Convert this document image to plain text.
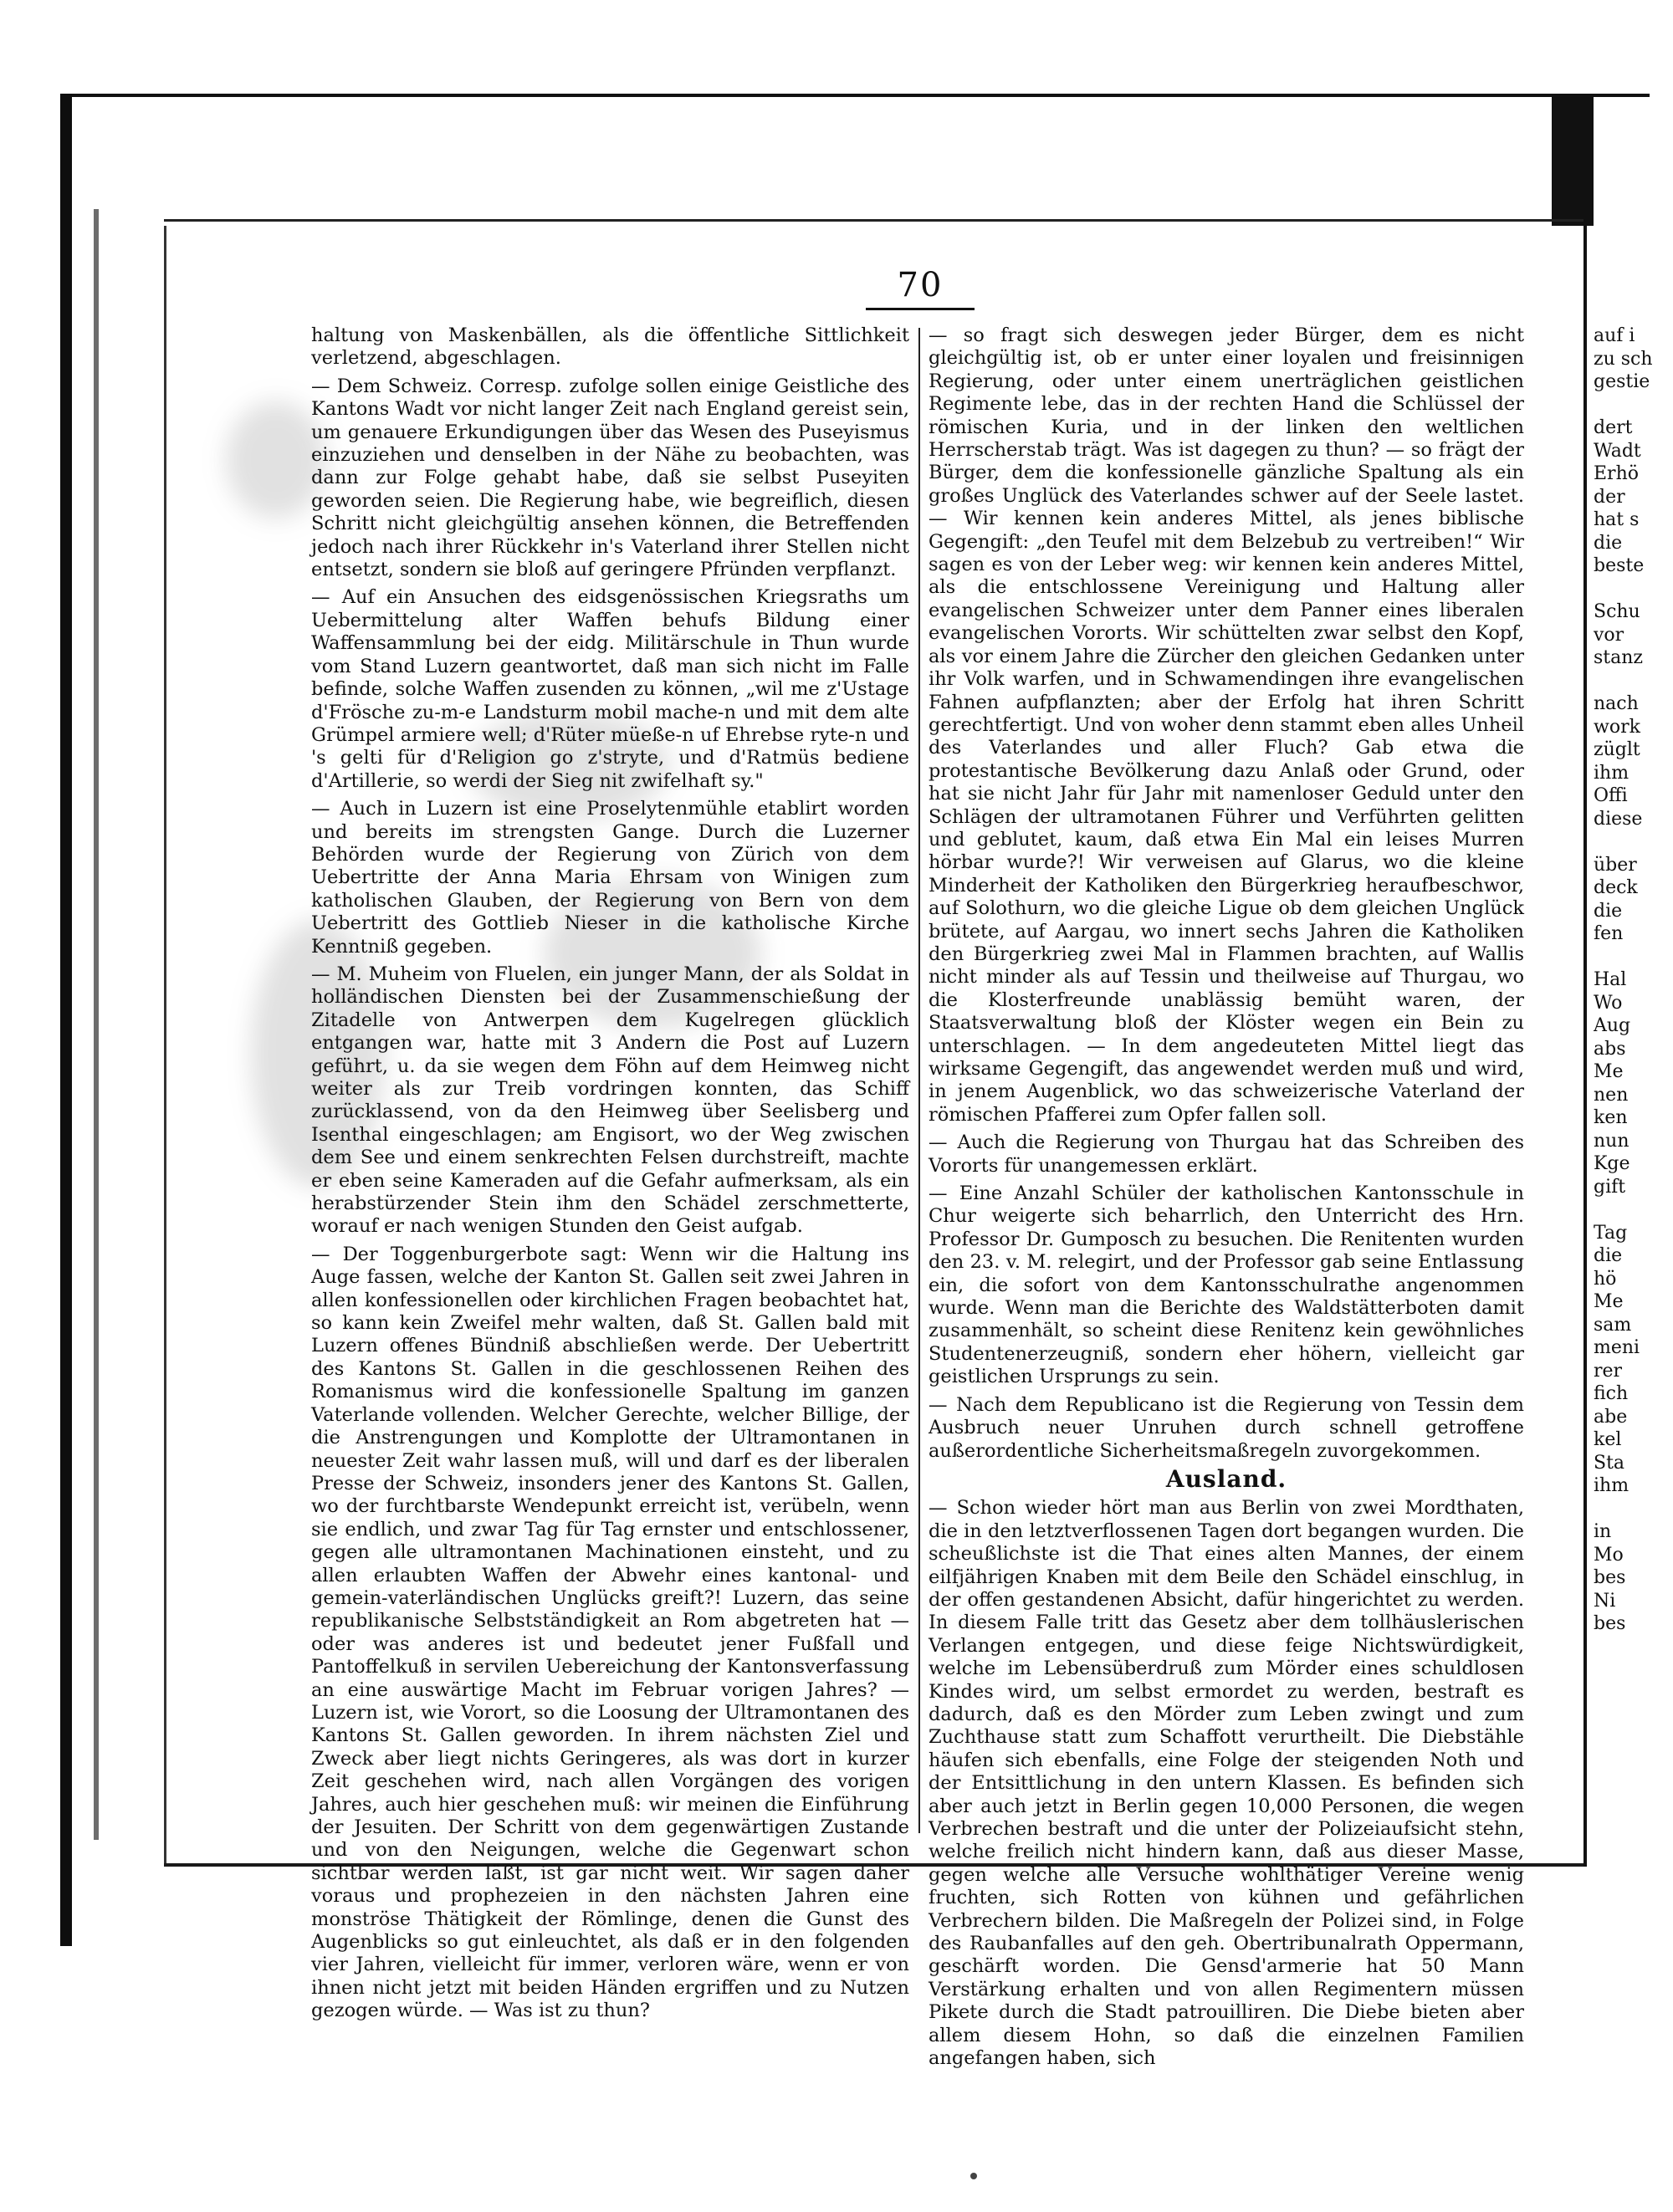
70

haltung von Maskenbällen, als die öffentliche Sittlichkeit verletzend, abgeschlagen.

— Dem Schweiz. Corresp. zufolge sollen einige Geistliche des Kantons Wadt vor nicht langer Zeit nach England gereist sein, um genauere Erkundigungen über das Wesen des Puseyismus einzuziehen und denselben in der Nähe zu beobachten, was dann zur Folge gehabt habe, daß sie selbst Puseyiten geworden seien. Die Regierung habe, wie begreiflich, diesen Schritt nicht gleichgültig ansehen können, die Betreffenden jedoch nach ihrer Rückkehr in's Vaterland ihrer Stellen nicht entsetzt, sondern sie bloß auf geringere Pfründen verpflanzt.

— Auf ein Ansuchen des eidsgenössischen Kriegsraths um Uebermittelung alter Waffen behufs Bildung einer Waffensammlung bei der eidg. Militärschule in Thun wurde vom Stand Luzern geantwortet, daß man sich nicht im Falle befinde, solche Waffen zusenden zu können, „wil me z'Ustage d'Frösche zu-m-e Landsturm mobil mache-n und mit dem alte Grümpel armiere well; d'Rüter müeße-n uf Ehrebse ryte-n und 's gelti für d'Religion go z'stryte, und d'Ratmüs bediene d'Artillerie, so werdi der Sieg nit zwifelhaft sy."

— Auch in Luzern ist eine Proselytenmühle etablirt worden und bereits im strengsten Gange. Durch die Luzerner Behörden wurde der Regierung von Zürich von dem Uebertritte der Anna Maria Ehrsam von Winigen zum katholischen Glauben, der Regierung von Bern von dem Uebertritt des Gottlieb Nieser in die katholische Kirche Kenntniß gegeben.

— M. Muheim von Fluelen, ein junger Mann, der als Soldat in holländischen Diensten bei der Zusammenschießung der Zitadelle von Antwerpen dem Kugelregen glücklich entgangen war, hatte mit 3 Andern die Post auf Luzern geführt, u. da sie wegen dem Föhn auf dem Heimweg nicht weiter als zur Treib vordringen konnten, das Schiff zurücklassend, von da den Heimweg über Seelisberg und Isenthal eingeschlagen; am Engisort, wo der Weg zwischen dem See und einem senkrechten Felsen durchstreift, machte er eben seine Kameraden auf die Gefahr aufmerksam, als ein herabstürzender Stein ihm den Schädel zerschmetterte, worauf er nach wenigen Stunden den Geist aufgab.

— Der Toggenburgerbote sagt: Wenn wir die Haltung ins Auge fassen, welche der Kanton St. Gallen seit zwei Jahren in allen konfessionellen oder kirchlichen Fragen beobachtet hat, so kann kein Zweifel mehr walten, daß St. Gallen bald mit Luzern offenes Bündniß abschließen werde. Der Uebertritt des Kantons St. Gallen in die geschlossenen Reihen des Romanismus wird die konfessionelle Spaltung im ganzen Vaterlande vollenden. Welcher Gerechte, welcher Billige, der die Anstrengungen und Komplotte der Ultramontanen in neuester Zeit wahr lassen muß, will und darf es der liberalen Presse der Schweiz, insonders jener des Kantons St. Gallen, wo der furchtbarste Wendepunkt erreicht ist, verübeln, wenn sie endlich, und zwar Tag für Tag ernster und entschlossener, gegen alle ultramontanen Machinationen einsteht, und zu allen erlaubten Waffen der Abwehr eines kantonal- und gemein-vaterländischen Unglücks greift?! Luzern, das seine republikanische Selbstständigkeit an Rom abgetreten hat — oder was anderes ist und bedeutet jener Fußfall und Pantoffelkuß in servilen Uebereichung der Kantonsverfassung an eine auswärtige Macht im Februar vorigen Jahres? — Luzern ist, wie Vorort, so die Loosung der Ultramontanen des Kantons St. Gallen geworden. In ihrem nächsten Ziel und Zweck aber liegt nichts Geringeres, als was dort in kurzer Zeit geschehen wird, nach allen Vorgängen des vorigen Jahres, auch hier geschehen muß: wir meinen die Einführung der Jesuiten. Der Schritt von dem gegenwärtigen Zustande und von den Neigungen, welche die Gegenwart schon sichtbar werden läßt, ist gar nicht weit. Wir sagen daher voraus und prophezeien in den nächsten Jahren eine monströse Thätigkeit der Römlinge, denen die Gunst des Augenblicks so gut einleuchtet, als daß er in den folgenden vier Jahren, vielleicht für immer, verloren wäre, wenn er von ihnen nicht jetzt mit beiden Händen ergriffen und zu Nutzen gezogen würde. — Was ist zu thun?

— so fragt sich deswegen jeder Bürger, dem es nicht gleichgültig ist, ob er unter einer loyalen und freisinnigen Regierung, oder unter einem unerträglichen geistlichen Regimente lebe, das in der rechten Hand die Schlüssel der römischen Kuria, und in der linken den weltlichen Herrscherstab trägt. Was ist dagegen zu thun? — so frägt der Bürger, dem die konfessionelle gänzliche Spaltung als ein großes Unglück des Vaterlandes schwer auf der Seele lastet. — Wir kennen kein anderes Mittel, als jenes biblische Gegengift: „den Teufel mit dem Belzebub zu vertreiben!“ Wir sagen es von der Leber weg: wir kennen kein anderes Mittel, als die entschlossene Vereinigung und Haltung aller evangelischen Schweizer unter dem Panner eines liberalen evangelischen Vororts. Wir schüttelten zwar selbst den Kopf, als vor einem Jahre die Zürcher den gleichen Gedanken unter ihr Volk warfen, und in Schwamendingen ihre evangelischen Fahnen aufpflanzten; aber der Erfolg hat ihren Schritt gerechtfertigt. Und von woher denn stammt eben alles Unheil des Vaterlandes und aller Fluch? Gab etwa die protestantische Bevölkerung dazu Anlaß oder Grund, oder hat sie nicht Jahr für Jahr mit namenloser Geduld unter den Schlägen der ultramotanen Führer und Verführten gelitten und geblutet, kaum, daß etwa Ein Mal ein leises Murren hörbar wurde?! Wir verweisen auf Glarus, wo die kleine Minderheit der Katholiken den Bürgerkrieg heraufbeschwor, auf Solothurn, wo die gleiche Ligue ob dem gleichen Unglück brütete, auf Aargau, wo innert sechs Jahren die Katholiken den Bürgerkrieg zwei Mal in Flammen brachten, auf Wallis nicht minder als auf Tessin und theilweise auf Thurgau, wo die Klosterfreunde unablässig bemüht waren, der Staatsverwaltung bloß der Klöster wegen ein Bein zu unterschlagen. — In dem angedeuteten Mittel liegt das wirksame Gegengift, das angewendet werden muß und wird, in jenem Augenblick, wo das schweizerische Vaterland der römischen Pfafferei zum Opfer fallen soll.

— Auch die Regierung von Thurgau hat das Schreiben des Vororts für unangemessen erklärt.

— Eine Anzahl Schüler der katholischen Kantonsschule in Chur weigerte sich beharrlich, den Unterricht des Hrn. Professor Dr. Gumposch zu besuchen. Die Renitenten wurden den 23. v. M. relegirt, und der Professor gab seine Entlassung ein, die sofort von dem Kantonsschulrathe angenommen wurde. Wenn man die Berichte des Waldstätterboten damit zusammenhält, so scheint diese Renitenz kein gewöhnliches Studentenerzeugniß, sondern eher höhern, vielleicht gar geistlichen Ursprungs zu sein.

— Nach dem Republicano ist die Regierung von Tessin dem Ausbruch neuer Unruhen durch schnell getroffene außerordentliche Sicherheitsmaßregeln zuvorgekommen.

Ausland.

— Schon wieder hört man aus Berlin von zwei Mordthaten, die in den letztverflossenen Tagen dort begangen wurden. Die scheußlichste ist die That eines alten Mannes, der einem eilfjährigen Knaben mit dem Beile den Schädel einschlug, in der offen gestandenen Absicht, dafür hingerichtet zu werden. In diesem Falle tritt das Gesetz aber dem tollhäuslerischen Verlangen entgegen, und diese feige Nichtswürdigkeit, welche im Lebensüberdruß zum Mörder eines schuldlosen Kindes wird, um selbst ermordet zu werden, bestraft es dadurch, daß es den Mörder zum Leben zwingt und zum Zuchthause statt zum Schaffott verurtheilt. Die Diebstähle häufen sich ebenfalls, eine Folge der steigenden Noth und der Entsittlichung in den untern Klassen. Es befinden sich aber auch jetzt in Berlin gegen 10,000 Personen, die wegen Verbrechen bestraft und die unter der Polizeiaufsicht stehn, welche freilich nicht hindern kann, daß aus dieser Masse, gegen welche alle Versuche wohlthätiger Vereine wenig fruchten, sich Rotten von kühnen und gefährlichen Verbrechern bilden. Die Maßregeln der Polizei sind, in Folge des Raubanfalles auf den geh. Obertribunalrath Oppermann, geschärft worden. Die Gensd'armerie hat 50 Mann Verstärkung erhalten und von allen Regimentern müssen Pikete durch die Stadt patrouilliren. Die Diebe bieten aber allem diesem Hohn, so daß die einzelnen Familien angefangen haben, sich

auf i
zu sch
gestie
dert
Wadt
Erhö
der
hat s
die
beste
Schu
vor
stanz
nach
work
züglt
ihm
Offi
diese
über
deck
die
fen
Hal
Wo
Aug
abs
Me
nen
ken
nun
Kge
gift
Tag
die
hö
Me
sam
meni
rer
fich
abe
kel
Sta
ihm
in
Mo
bes
Ni
bes
